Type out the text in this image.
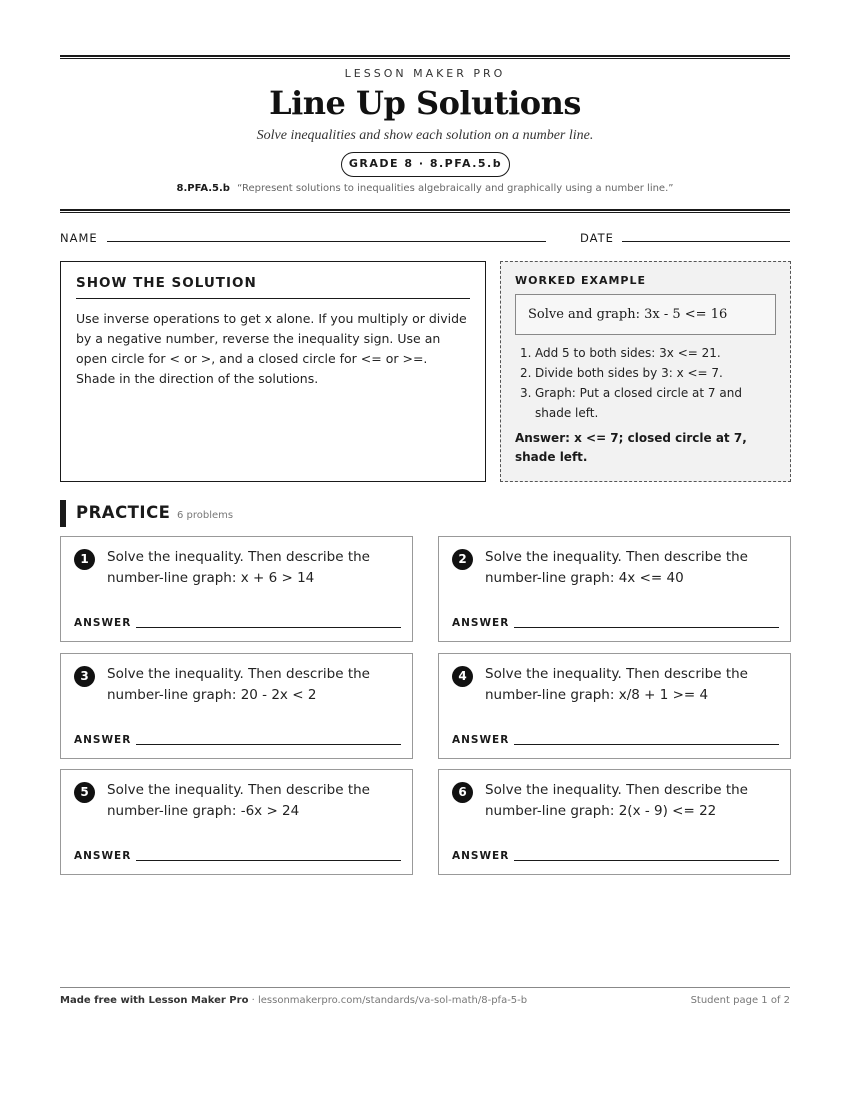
LESSON MAKER PRO
Line Up Solutions
Solve inequalities and show each solution on a number line.
GRADE 8 · 8.PFA.5.b
8.PFA.5.b “Represent solutions to inequalities algebraically and graphically using a number line.”
NAME	DATE
SHOW THE SOLUTION

Use inverse operations to get x alone. If you multiply or divide by a negative number, reverse the inequality sign. Use an open circle for < or >, and a closed circle for <= or >=. Shade in the direction of the solutions.

WORKED EXAMPLE
Solve and graph: 3x - 5 <= 16
1. Add 5 to both sides: 3x <= 21.
2. Divide both sides by 3: x <= 7.
3. Graph: Put a closed circle at 7 and shade left.
Answer: x <= 7; closed circle at 7, shade left.
PRACTICE 6 problems
1	Solve the inequality. Then describe the number-line graph: x + 6 > 14
ANSWER
2	Solve the inequality. Then describe the number-line graph: 4x <= 40
ANSWER
3	Solve the inequality. Then describe the number-line graph: 20 - 2x < 2
ANSWER
4	Solve the inequality. Then describe the number-line graph: x/8 + 1 >= 4
ANSWER
5	Solve the inequality. Then describe the number-line graph: -6x > 24
ANSWER
6	Solve the inequality. Then describe the number-line graph: 2(x - 9) <= 22
ANSWER
Made free with Lesson Maker Pro · lessonmakerpro.com/standards/va-sol-math/8-pfa-5-b	Student page 1 of 2
